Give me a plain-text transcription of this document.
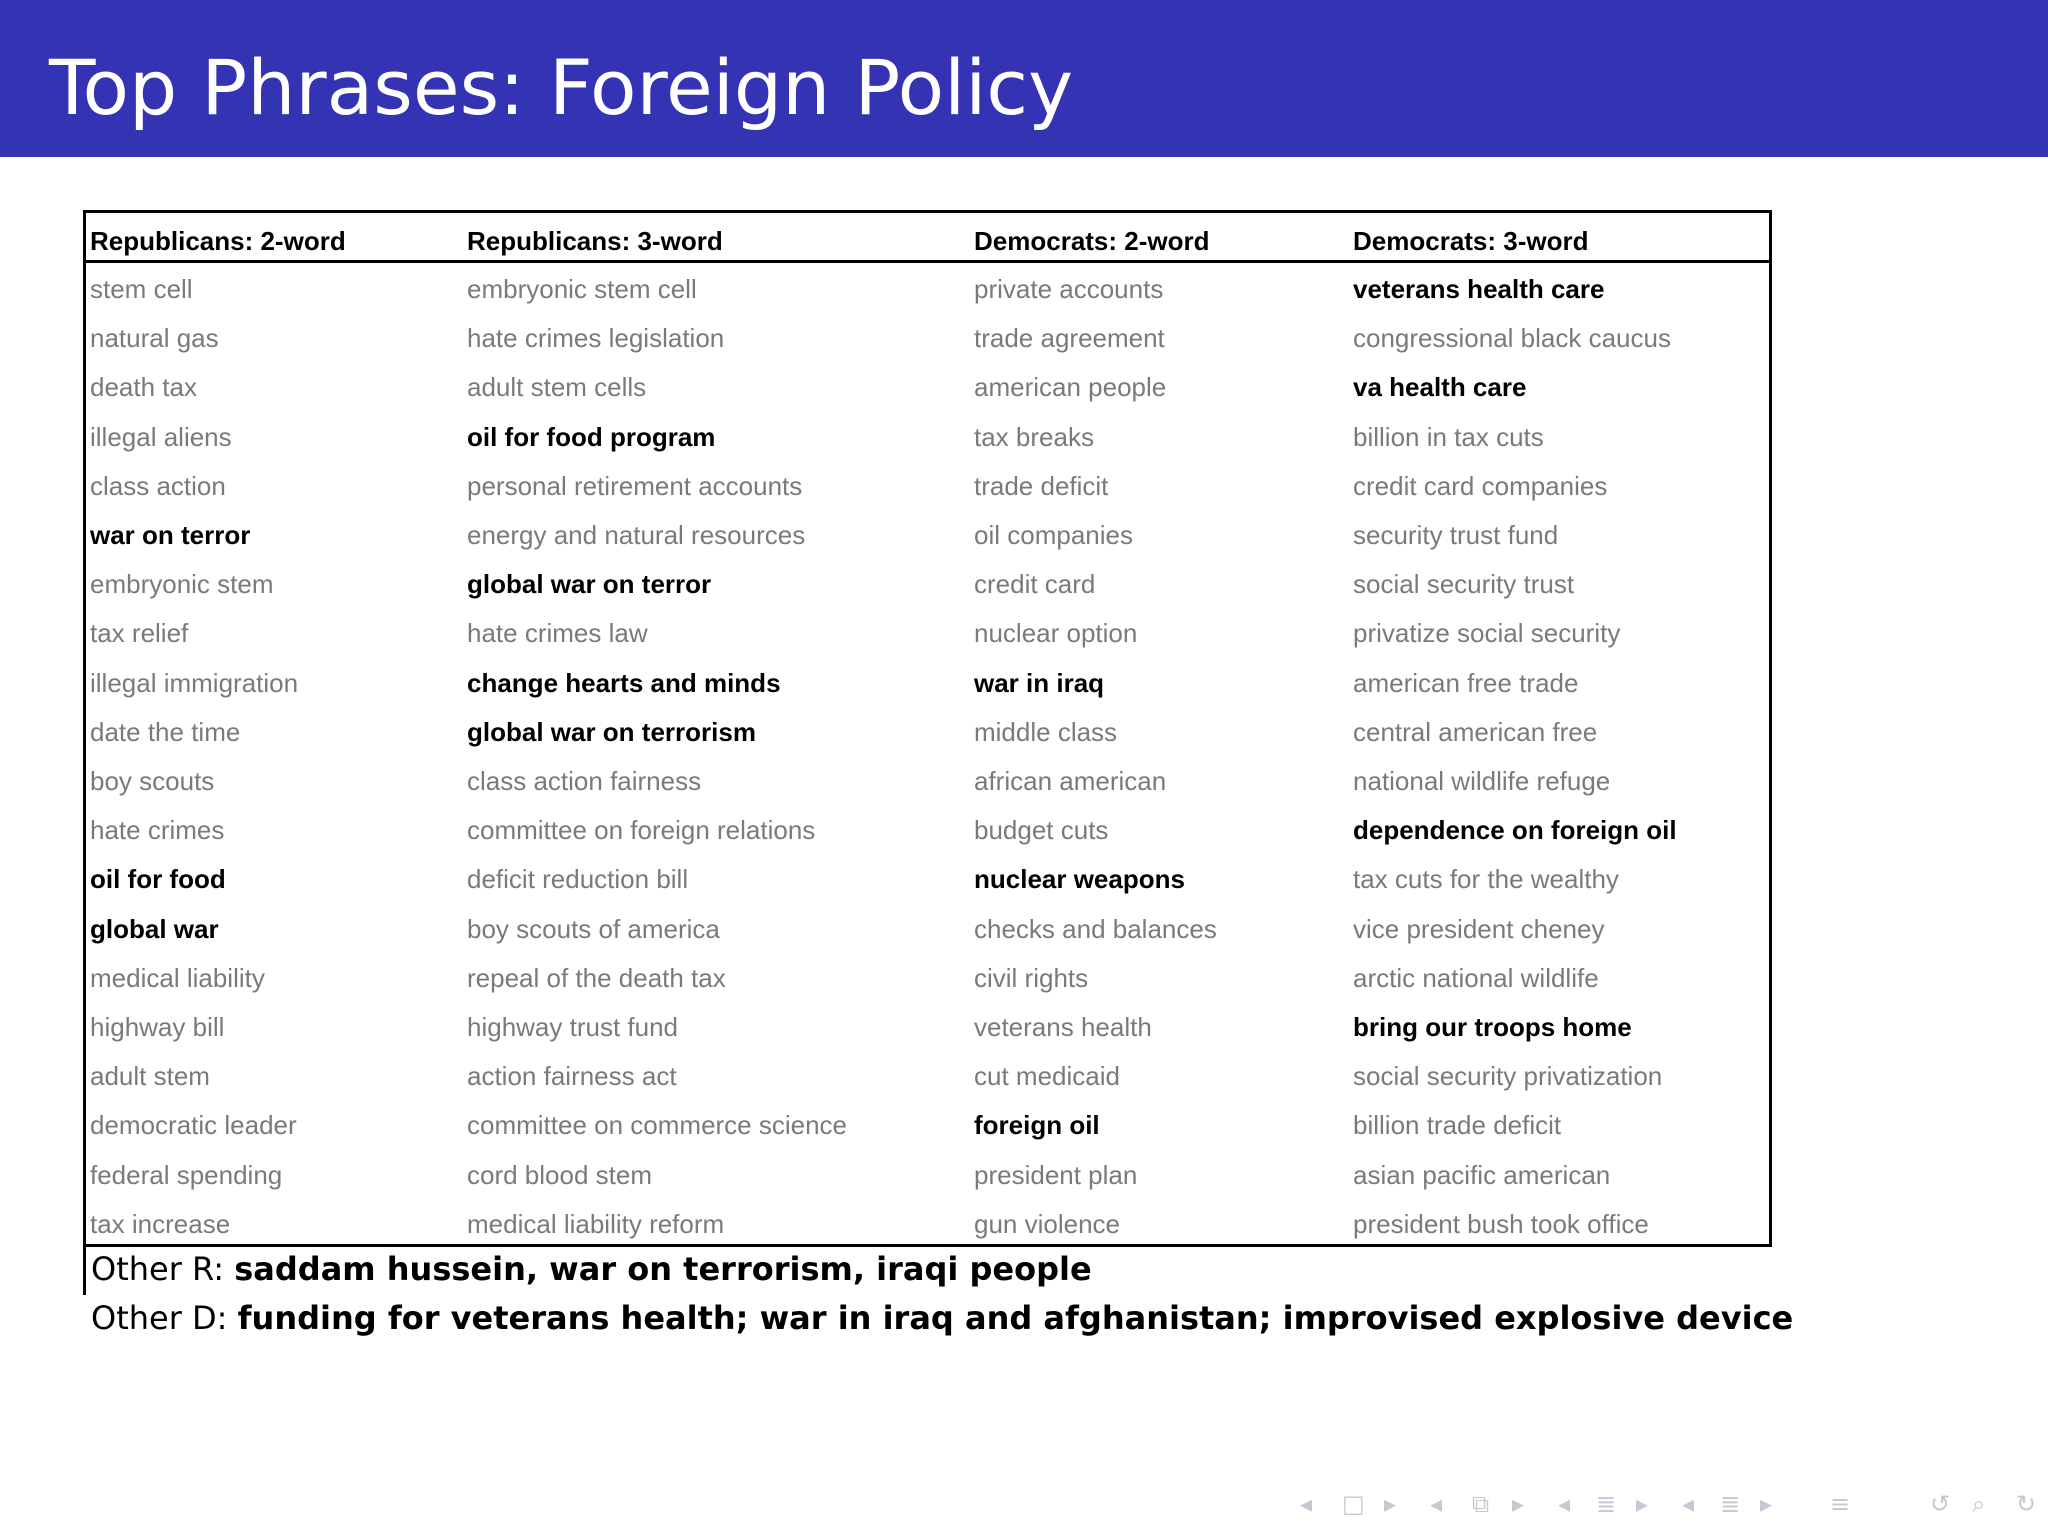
Top Phrases: Foreign Policy
Republicans: 2-word	Republicans: 3-word	Democrats: 2-word	Democrats: 3-word
stem cell	embryonic stem cell	private accounts	veterans health care
natural gas	hate crimes legislation	trade agreement	congressional black caucus
death tax	adult stem cells	american people	va health care
illegal aliens	oil for food program	tax breaks	billion in tax cuts
class action	personal retirement accounts	trade deficit	credit card companies
war on terror	energy and natural resources	oil companies	security trust fund
embryonic stem	global war on terror	credit card	social security trust
tax relief	hate crimes law	nuclear option	privatize social security
illegal immigration	change hearts and minds	war in iraq	american free trade
date the time	global war on terrorism	middle class	central american free
boy scouts	class action fairness	african american	national wildlife refuge
hate crimes	committee on foreign relations	budget cuts	dependence on foreign oil
oil for food	deficit reduction bill	nuclear weapons	tax cuts for the wealthy
global war	boy scouts of america	checks and balances	vice president cheney
medical liability	repeal of the death tax	civil rights	arctic national wildlife
highway bill	highway trust fund	veterans health	bring our troops home
adult stem	action fairness act	cut medicaid	social security privatization
democratic leader	committee on commerce science	foreign oil	billion trade deficit
federal spending	cord blood stem	president plan	asian pacific american
tax increase	medical liability reform	gun violence	president bush took office
Other R: saddam hussein, war on terrorism, iraqi people
Other D: funding for veterans health; war in iraq and afghanistan; improvised explosive device
◂ □ ▸ ◂ ⧉ ▸ ◂ ≣ ▸ ◂ ≣ ▸ ≡	↺ ⌕ ↻
